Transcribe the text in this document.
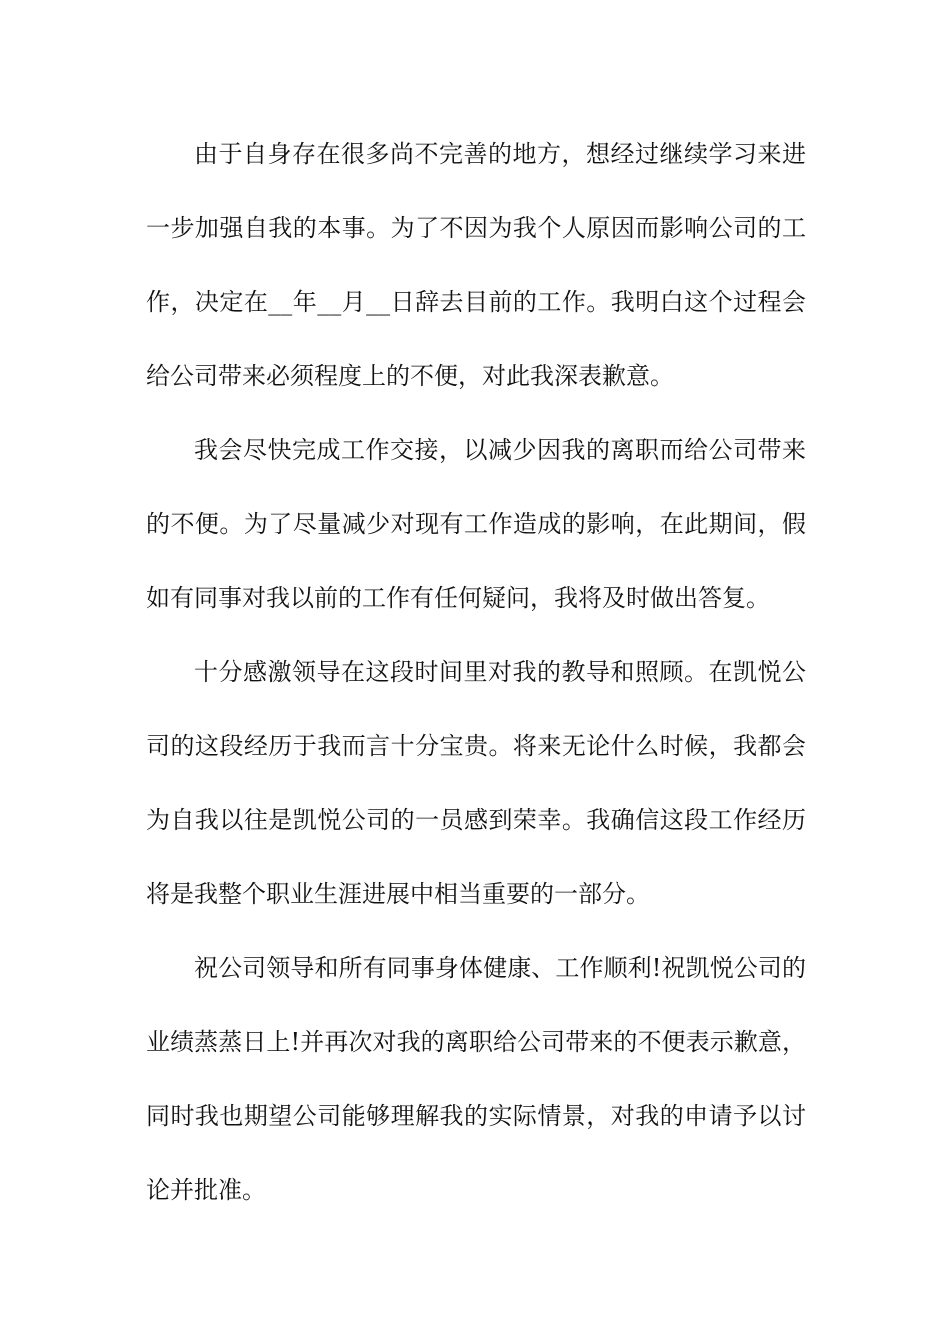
由于自身存在很多尚不完善的地方，想经过继续学习来进
一步加强自我的本事。为了不因为我个人原因而影响公司的工
作，决定在__年__月__日辞去目前的工作。我明白这个过程会
给公司带来必须程度上的不便，对此我深表歉意。
我会尽快完成工作交接，以减少因我的离职而给公司带来
的不便。为了尽量减少对现有工作造成的影响，在此期间，假
如有同事对我以前的工作有任何疑问，我将及时做出答复。
十分感激领导在这段时间里对我的教导和照顾。在凯悦公
司的这段经历于我而言十分宝贵。将来无论什么时候，我都会
为自我以往是凯悦公司的一员感到荣幸。我确信这段工作经历
将是我整个职业生涯进展中相当重要的一部分。
祝公司领导和所有同事身体健康、工作顺利!祝凯悦公司的
业绩蒸蒸日上!并再次对我的离职给公司带来的不便表示歉意，
同时我也期望公司能够理解我的实际情景，对我的申请予以讨
论并批准。
